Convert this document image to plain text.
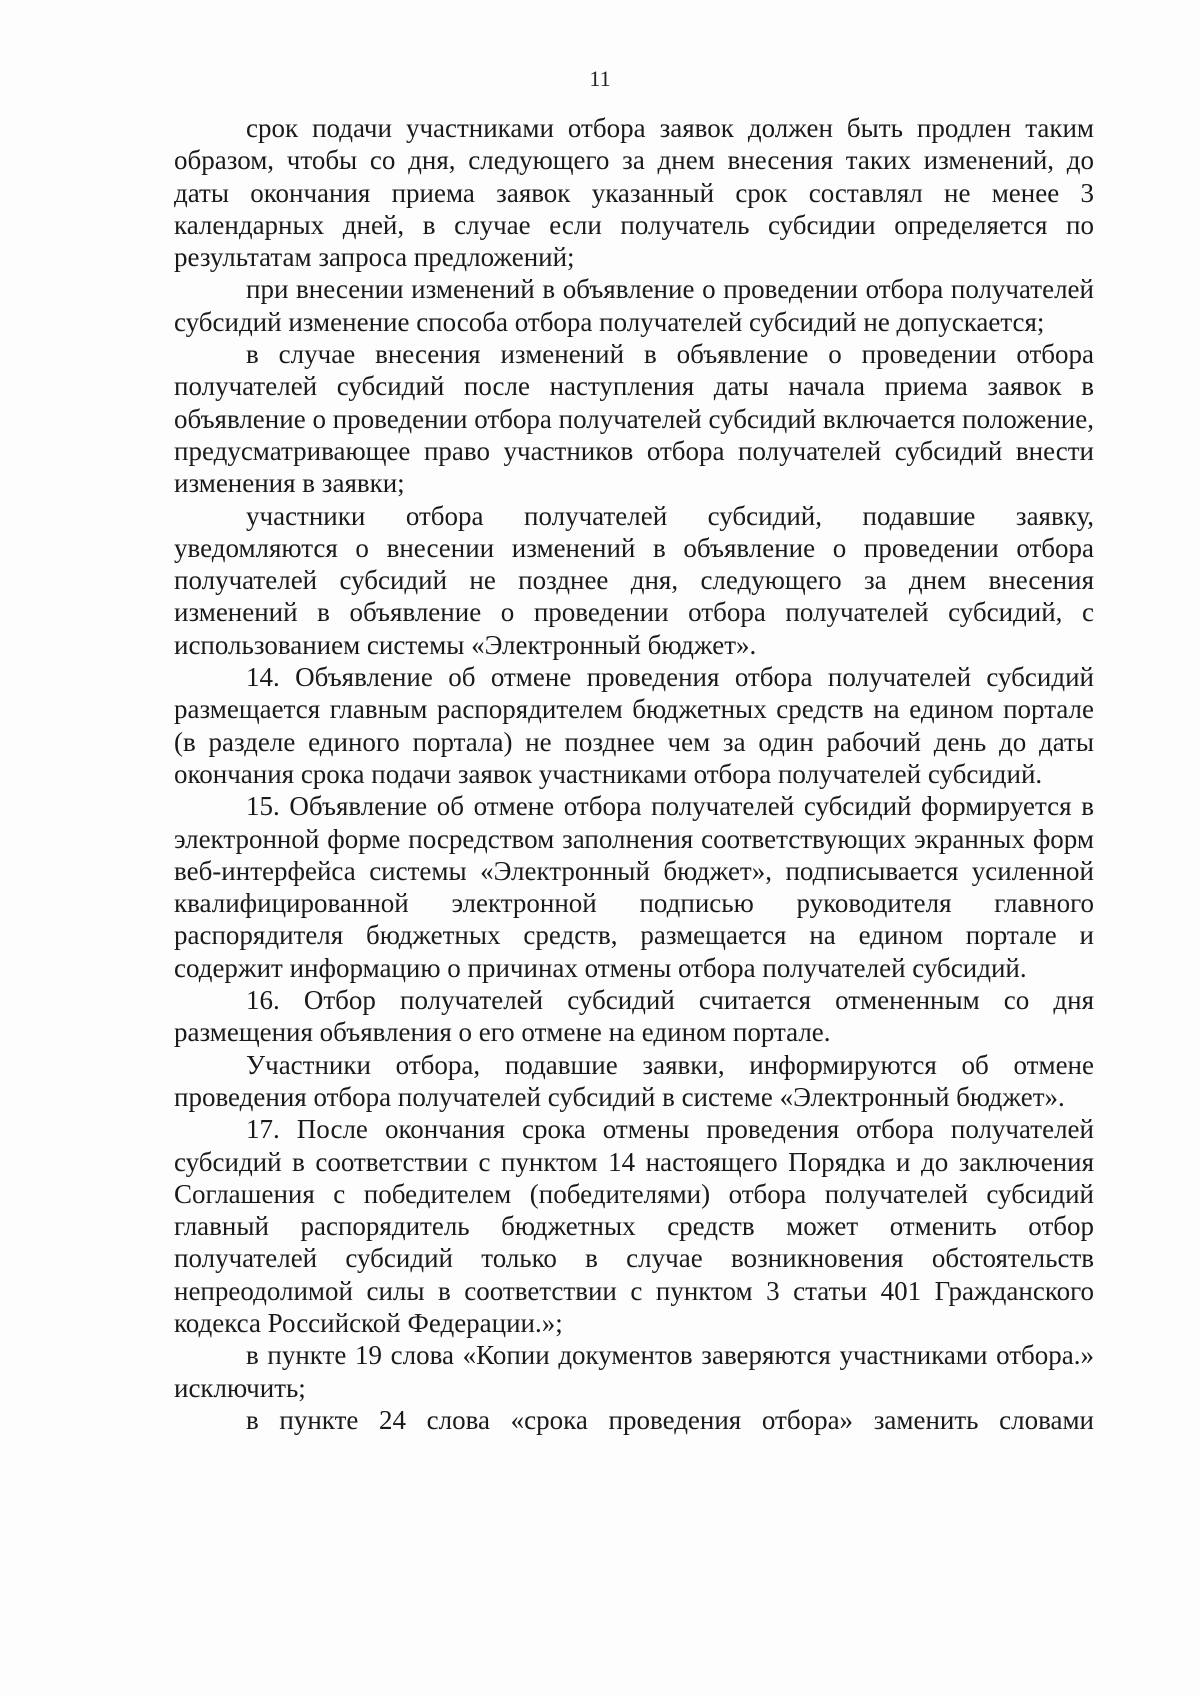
11

срок подачи участниками отбора заявок должен быть продлен таким образом, чтобы со дня, следующего за днем внесения таких изменений, до даты окончания приема заявок указанный срок составлял не менее 3 календарных дней, в случае если получатель субсидии определяется по результатам запроса предложений;

при внесении изменений в объявление о проведении отбора получателей субсидий изменение способа отбора получателей субсидий не допускается;

в случае внесения изменений в объявление о проведении отбора получателей субсидий после наступления даты начала приема заявок в объявление о проведении отбора получателей субсидий включается положение, предусматривающее право участников отбора получателей субсидий внести изменения в заявки;

участники отбора получателей субсидий, подавшие заявку, уведомляются о внесении изменений в объявление о проведении отбора получателей субсидий не позднее дня, следующего за днем внесения изменений в объявление о проведении отбора получателей субсидий, с использованием системы «Электронный бюджет».

14. Объявление об отмене проведения отбора получателей субсидий размещается главным распорядителем бюджетных средств на едином портале (в разделе единого портала) не позднее чем за один рабочий день до даты окончания срока подачи заявок участниками отбора получателей субсидий.

15. Объявление об отмене отбора получателей субсидий формируется в электронной форме посредством заполнения соответствующих экранных форм веб-интерфейса системы «Электронный бюджет», подписывается усиленной квалифицированной электронной подписью руководителя главного распорядителя бюджетных средств, размещается на едином портале и содержит информацию о причинах отмены отбора получателей субсидий.

16. Отбор получателей субсидий считается отмененным со дня размещения объявления о его отмене на едином портале.

Участники отбора, подавшие заявки, информируются об отмене проведения отбора получателей субсидий в системе «Электронный бюджет».

17. После окончания срока отмены проведения отбора получателей субсидий в соответствии с пунктом 14 настоящего Порядка и до заключения Соглашения с победителем (победителями) отбора получателей субсидий главный распорядитель бюджетных средств может отменить отбор получателей субсидий только в случае возникновения обстоятельств непреодолимой силы в соответствии с пунктом 3 статьи 401 Гражданского кодекса Российской Федерации.»;

в пункте 19 слова «Копии документов заверяются участниками отбора.» исключить;

в пункте 24 слова «срока проведения отбора» заменить словами
